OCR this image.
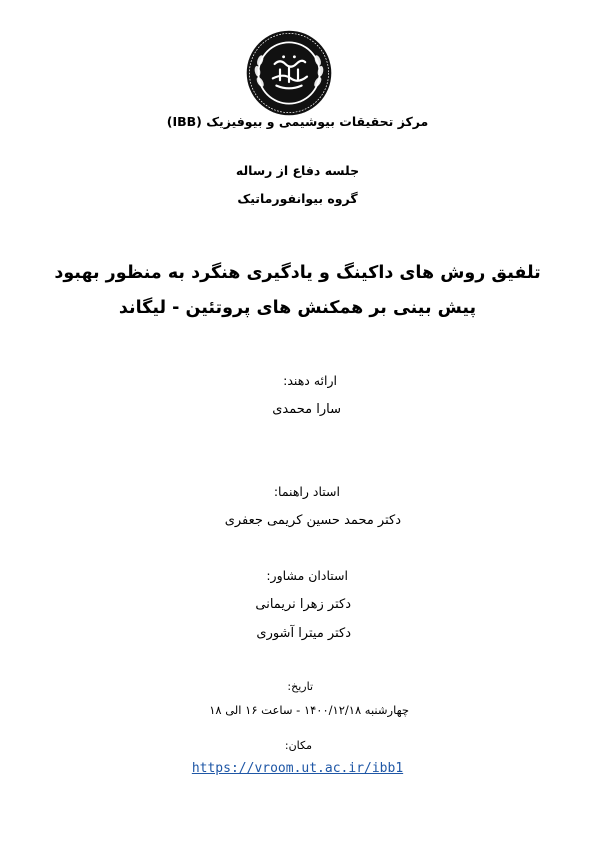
مرکز تحقیقات بیوشیمی و بیوفیزیک (IBB)
جلسه دفاع از رساله
گروه بیوانفورماتیک
تلفیق روش های داکینگ و یادگیری هنگرد به منظور بهبود
پیش بینی بر همکنش های پروتئین - لیگاند
ارائه دهند:
سارا محمدی
استاد راهنما:
دکتر محمد حسین کریمی جعفری
استادان مشاور:
دکتر زهرا نریمانی
دکتر میترا آشوری
تاریخ:
چهارشنبه ۱۴۰۰/۱۲/۱۸ - ساعت ۱۶ الی ۱۸
مکان:
https://vroom.ut.ac.ir/ibb1
